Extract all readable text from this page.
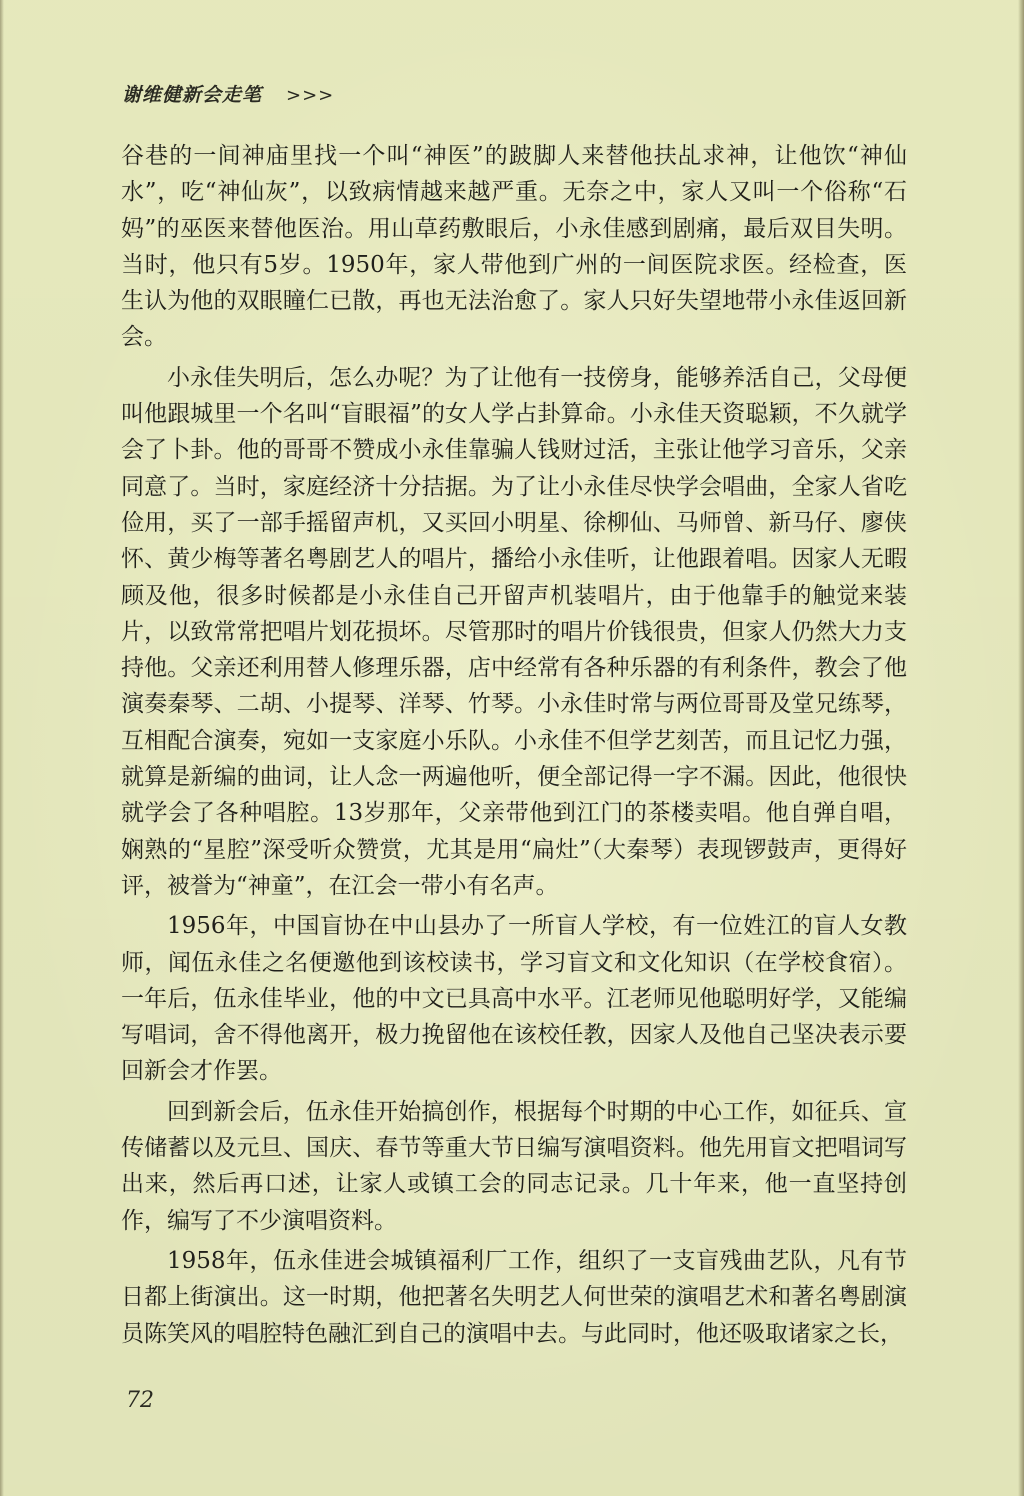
谢维健新会走笔 >>>

谷巷的一间神庙里找一个叫“神医”的跛脚人来替他扶乩求神，让他饮“神仙水”，吃“神仙灰”，以致病情越来越严重。无奈之中，家人又叫一个俗称“石妈”的巫医来替他医治。用山草药敷眼后，小永佳感到剧痛，最后双目失明。当时，他只有5岁。1950年，家人带他到广州的一间医院求医。经检查，医生认为他的双眼瞳仁已散，再也无法治愈了。家人只好失望地带小永佳返回新会。

小永佳失明后，怎么办呢？为了让他有一技傍身，能够养活自己，父母便叫他跟城里一个名叫“盲眼福”的女人学占卦算命。小永佳天资聪颖，不久就学会了卜卦。他的哥哥不赞成小永佳靠骗人钱财过活，主张让他学习音乐，父亲同意了。当时，家庭经济十分拮据。为了让小永佳尽快学会唱曲，全家人省吃俭用，买了一部手摇留声机，又买回小明星、徐柳仙、马师曾、新马仔、廖侠怀、黄少梅等著名粤剧艺人的唱片，播给小永佳听，让他跟着唱。因家人无暇顾及他，很多时候都是小永佳自己开留声机装唱片，由于他靠手的触觉来装片，以致常常把唱片划花损坏。尽管那时的唱片价钱很贵，但家人仍然大力支持他。父亲还利用替人修理乐器，店中经常有各种乐器的有利条件，教会了他演奏秦琴、二胡、小提琴、洋琴、竹琴。小永佳时常与两位哥哥及堂兄练琴，互相配合演奏，宛如一支家庭小乐队。小永佳不但学艺刻苦，而且记忆力强，就算是新编的曲词，让人念一两遍他听，便全部记得一字不漏。因此，他很快就学会了各种唱腔。13岁那年，父亲带他到江门的茶楼卖唱。他自弹自唱，娴熟的“星腔”深受听众赞赏，尤其是用“扁灶”（大秦琴）表现锣鼓声，更得好评，被誉为“神童”，在江会一带小有名声。

1956年，中国盲协在中山县办了一所盲人学校，有一位姓江的盲人女教师，闻伍永佳之名便邀他到该校读书，学习盲文和文化知识（在学校食宿）。一年后，伍永佳毕业，他的中文已具高中水平。江老师见他聪明好学，又能编写唱词，舍不得他离开，极力挽留他在该校任教，因家人及他自己坚决表示要回新会才作罢。

回到新会后，伍永佳开始搞创作，根据每个时期的中心工作，如征兵、宣传储蓄以及元旦、国庆、春节等重大节日编写演唱资料。他先用盲文把唱词写出来，然后再口述，让家人或镇工会的同志记录。几十年来，他一直坚持创作，编写了不少演唱资料。

1958年，伍永佳进会城镇福利厂工作，组织了一支盲残曲艺队，凡有节日都上街演出。这一时期，他把著名失明艺人何世荣的演唱艺术和著名粤剧演员陈笑风的唱腔特色融汇到自己的演唱中去。与此同时，他还吸取诸家之长，

72
